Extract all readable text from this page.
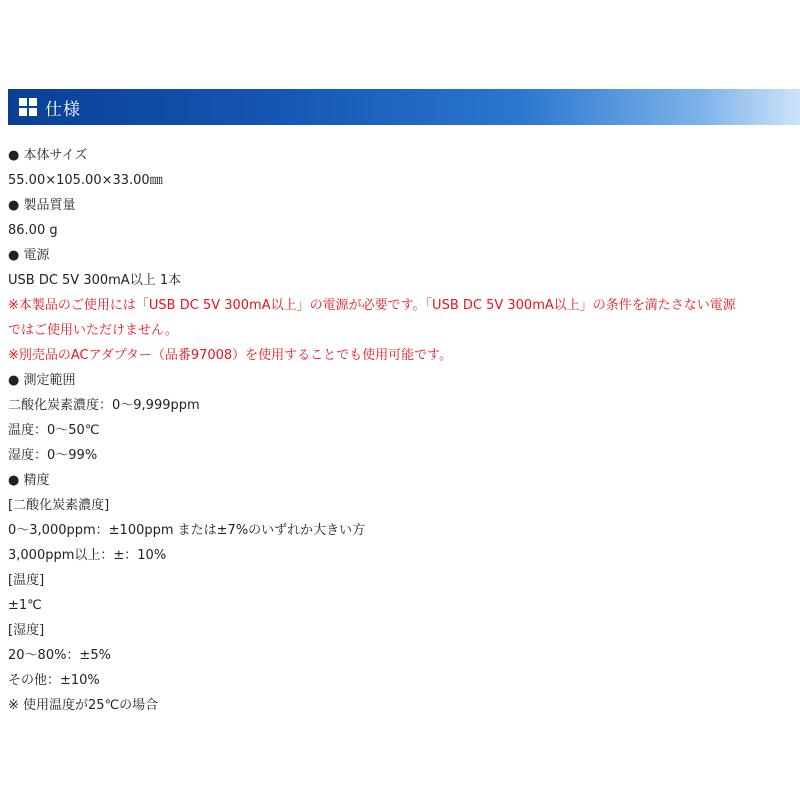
仕様
● 本体サイズ
55.00×105.00×33.00㎜
● 製品質量
86.00 g
● 電源
USB DC 5V 300mA以上 1本
※本製品のご使用には「USB DC 5V 300mA以上」の電源が必要です。「USB DC 5V 300mA以上」の条件を満たさない電源
ではご使用いただけません。
※別売品のACアダプター（品番97008）を使用することでも使用可能です。
● 測定範囲
二酸化炭素濃度：0～9,999ppm
温度：0～50℃
湿度：0～99%
● 精度
[二酸化炭素濃度]
0～3,000ppm：±100ppm または±7%のいずれか大きい方
3,000ppm以上：±：10%
[温度]
±1℃
[湿度]
20～80%：±5%
その他：±10%
※ 使用温度が25℃の場合
